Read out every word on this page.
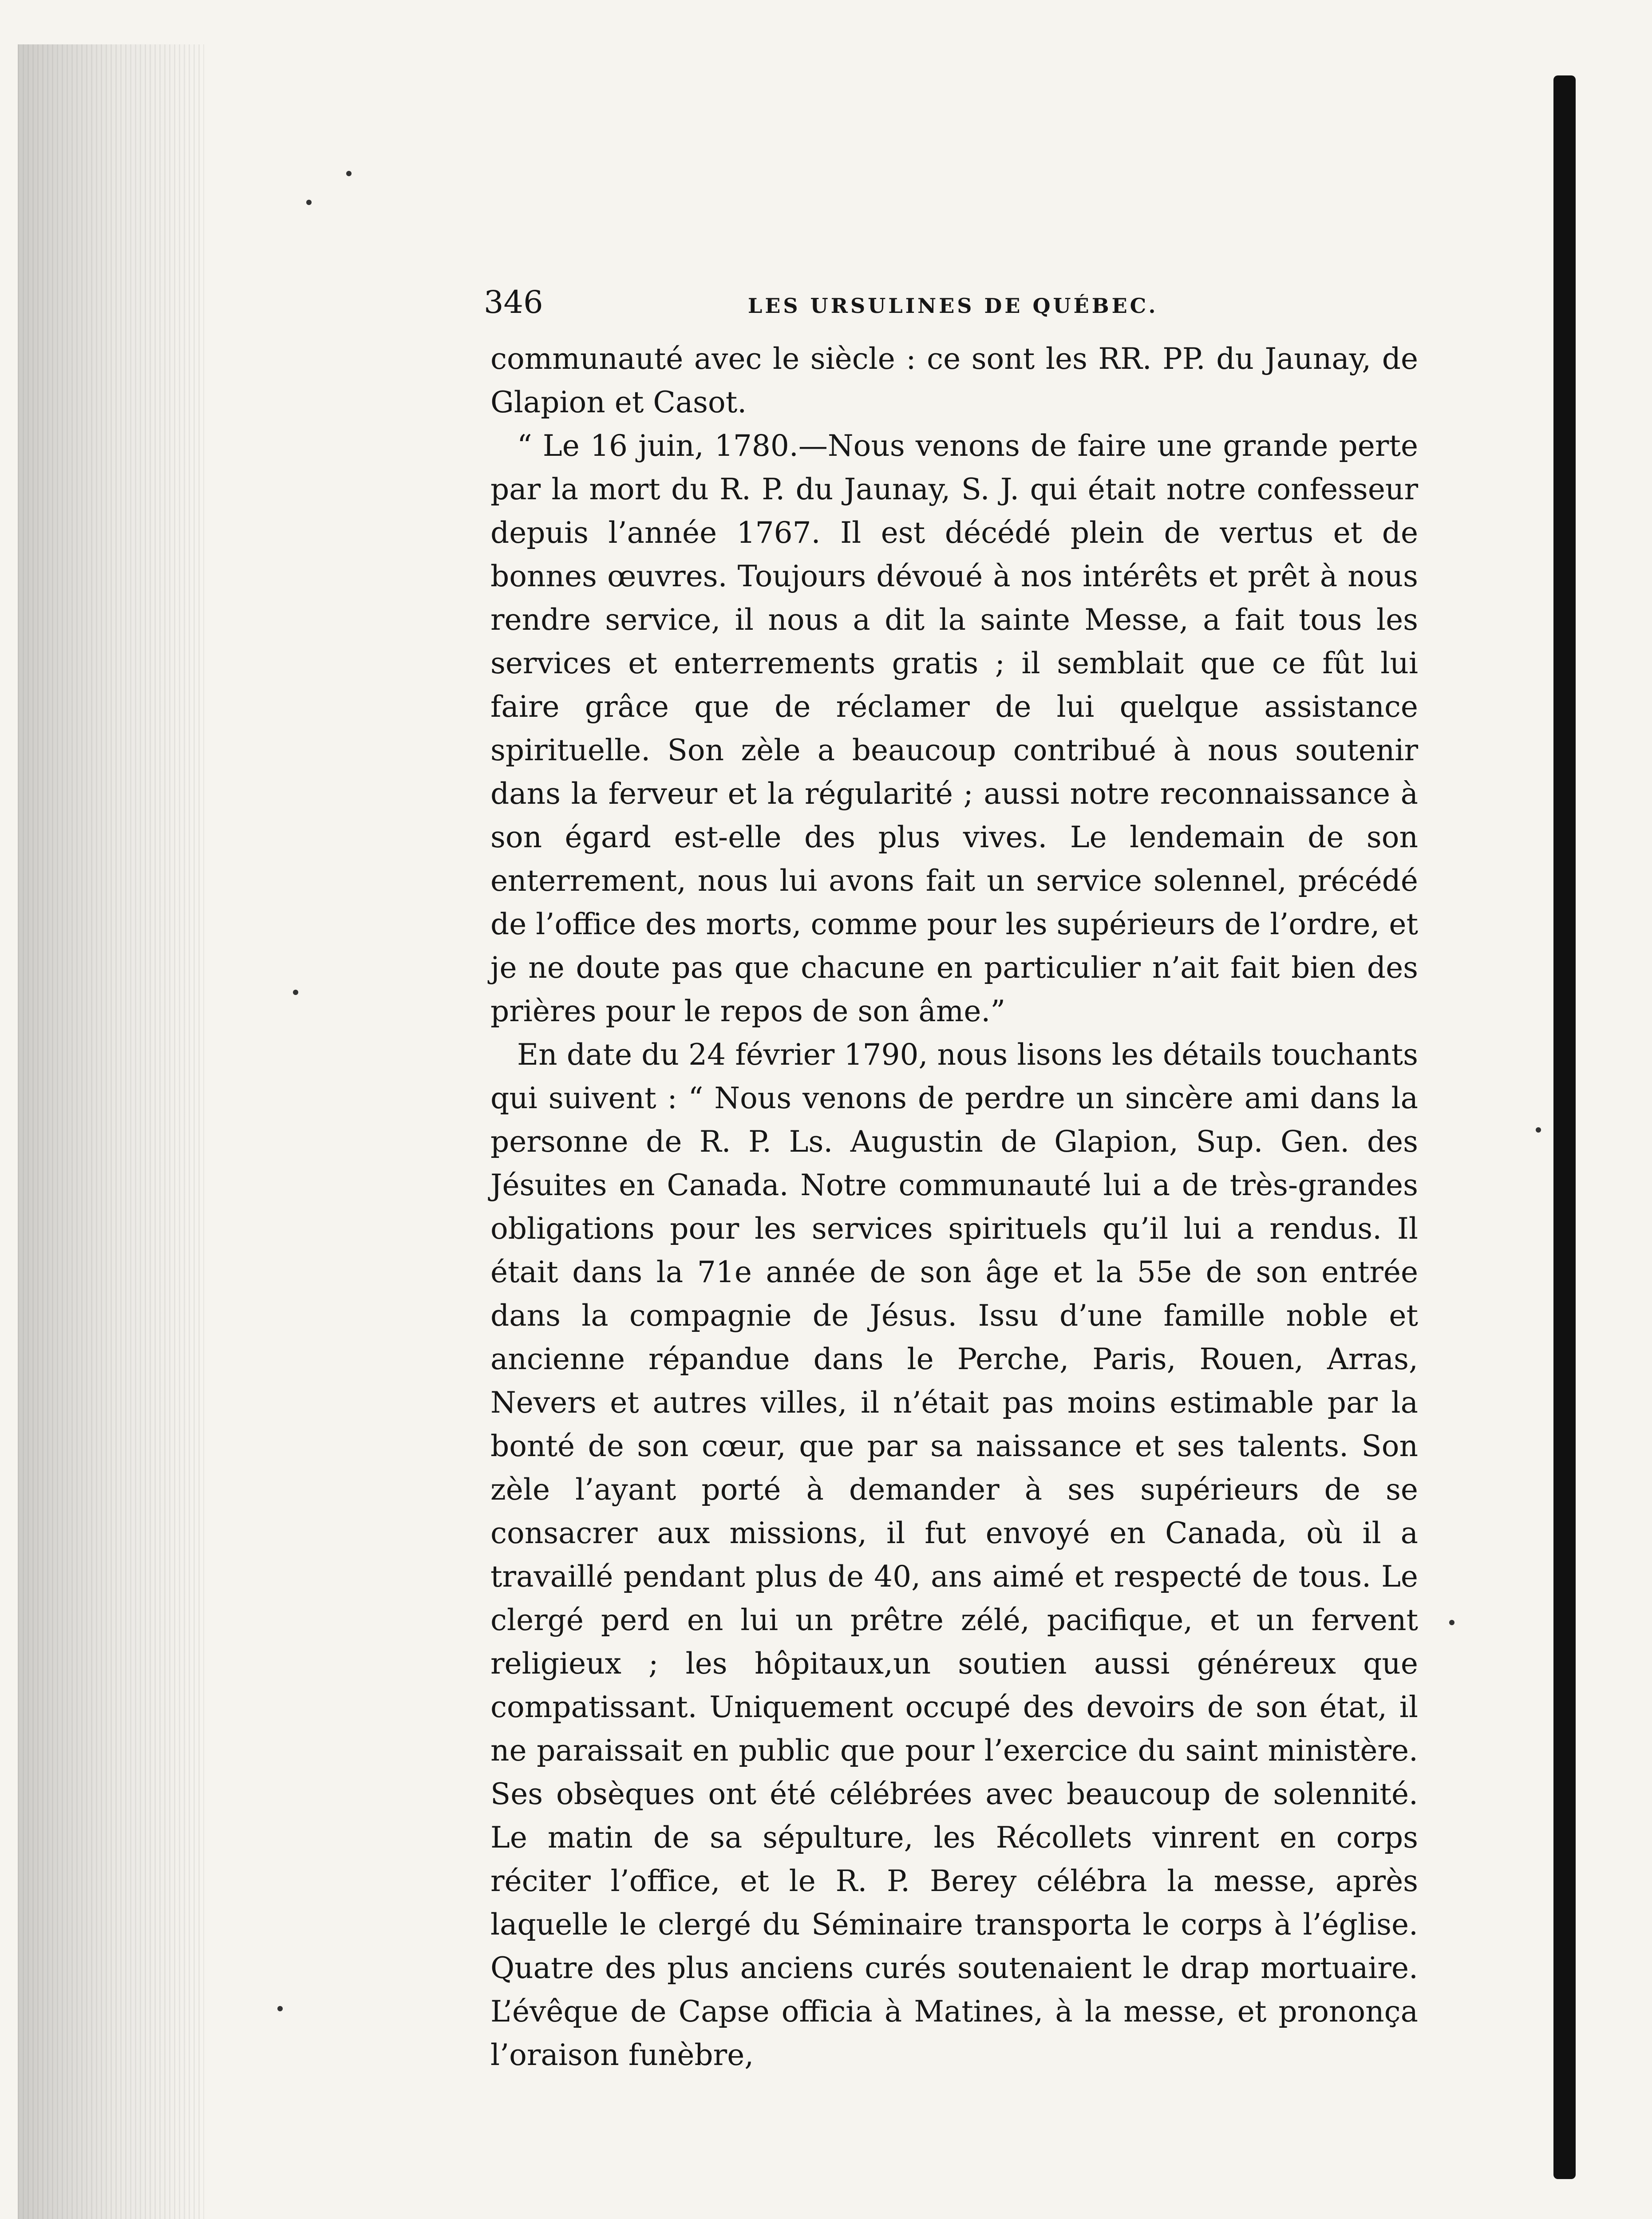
346	LES URSULINES DE QUÉBEC.

communauté avec le siècle : ce sont les RR. PP. du Jaunay, de Glapion et Casot.

“ Le 16 juin, 1780.—Nous venons de faire une grande perte par la mort du R. P. du Jaunay, S. J. qui était notre confesseur depuis l’année 1767. Il est décédé plein de vertus et de bonnes œuvres. Toujours dévoué à nos intérêts et prêt à nous rendre service, il nous a dit la sainte Messe, a fait tous les services et enterrements gratis ; il semblait que ce fût lui faire grâce que de réclamer de lui quelque assistance spirituelle. Son zèle a beaucoup contribué à nous soutenir dans la ferveur et la régularité ; aussi notre reconnaissance à son égard est-elle des plus vives. Le lendemain de son enterrement, nous lui avons fait un service solennel, précédé de l’office des morts, comme pour les supérieurs de l’ordre, et je ne doute pas que chacune en particulier n’ait fait bien des prières pour le repos de son âme.”

En date du 24 février 1790, nous lisons les détails touchants qui suivent : “ Nous venons de perdre un sincère ami dans la personne de R. P. Ls. Augustin de Glapion, Sup. Gen. des Jésuites en Canada. Notre communauté lui a de très-grandes obligations pour les services spirituels qu’il lui a rendus. Il était dans la 71e année de son âge et la 55e de son entrée dans la compagnie de Jésus. Issu d’une famille noble et ancienne répandue dans le Perche, Paris, Rouen, Arras, Nevers et autres villes, il n’était pas moins estimable par la bonté de son cœur, que par sa naissance et ses talents. Son zèle l’ayant porté à demander à ses supérieurs de se consacrer aux missions, il fut envoyé en Canada, où il a travaillé pendant plus de 40, ans aimé et respecté de tous. Le clergé perd en lui un prêtre zélé, pacifique, et un fervent religieux ; les hôpitaux,un soutien aussi généreux que compatissant. Uniquement occupé des devoirs de son état, il ne paraissait en public que pour l’exercice du saint ministère. Ses obsèques ont été célébrées avec beaucoup de solennité. Le matin de sa sépulture, les Récollets vinrent en corps réciter l’office, et le R. P. Berey célébra la messe, après laquelle le clergé du Séminaire transporta le corps à l’église. Quatre des plus anciens curés soutenaient le drap mortuaire. L’évêque de Capse officia à Matines, à la messe, et prononça l’oraison funèbre,
